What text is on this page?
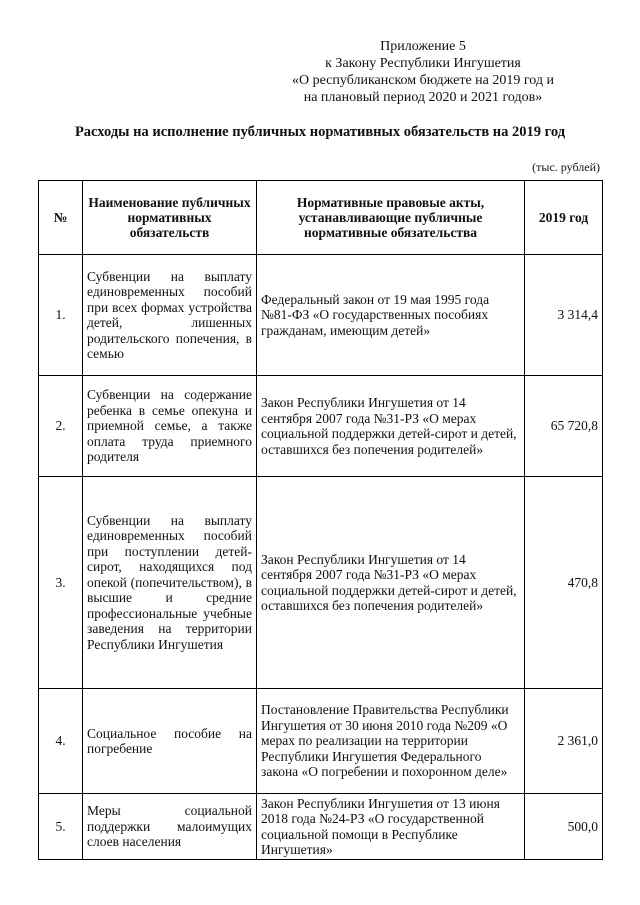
Приложение 5
к Закону Республики Ингушетия
«О республиканском бюджете на 2019 год и
на плановый период 2020 и 2021 годов»
Расходы на исполнение публичных нормативных обязательств на 2019 год
(тыс. рублей)
№	Наименование публичных нормативных обязательств	Нормативные правовые акты, устанавливающие публичные нормативные обязательства	2019 год
1.	Субвенции на выплату единовременных пособий при всех формах устройства детей, лишенных родительского попечения, в семью	Федеральный закон от 19 мая 1995 года №81-ФЗ «О государственных пособиях гражданам, имеющим детей»	3 314,4
2.	Субвенции на содержание ребенка в семье опекуна и приемной семье, а также оплата труда приемного родителя	Закон Республики Ингушетия от 14 сентября 2007 года №31-РЗ «О мерах социальной поддержки детей-сирот и детей, оставшихся без попечения родителей»	65 720,8
3.	Субвенции на выплату единовременных пособий при поступлении детей-сирот, находящихся под опекой (попечительством), в высшие и средние профессиональные учебные заведения на территории Республики Ингушетия	Закон Республики Ингушетия от 14 сентября 2007 года №31-РЗ «О мерах социальной поддержки детей-сирот и детей, оставшихся без попечения родителей»	470,8
4.	Социальное пособие на погребение	Постановление Правительства Республики Ингушетия от 30 июня 2010 года №209 «О мерах по реализации на территории Республики Ингушетия Федерального закона «О погребении и похоронном деле»	2 361,0
5.	Меры социальной поддержки малоимущих слоев населения	Закон Республики Ингушетия от 13 июня 2018 года №24-РЗ «О государственной социальной помощи в Республике Ингушетия»	500,0
